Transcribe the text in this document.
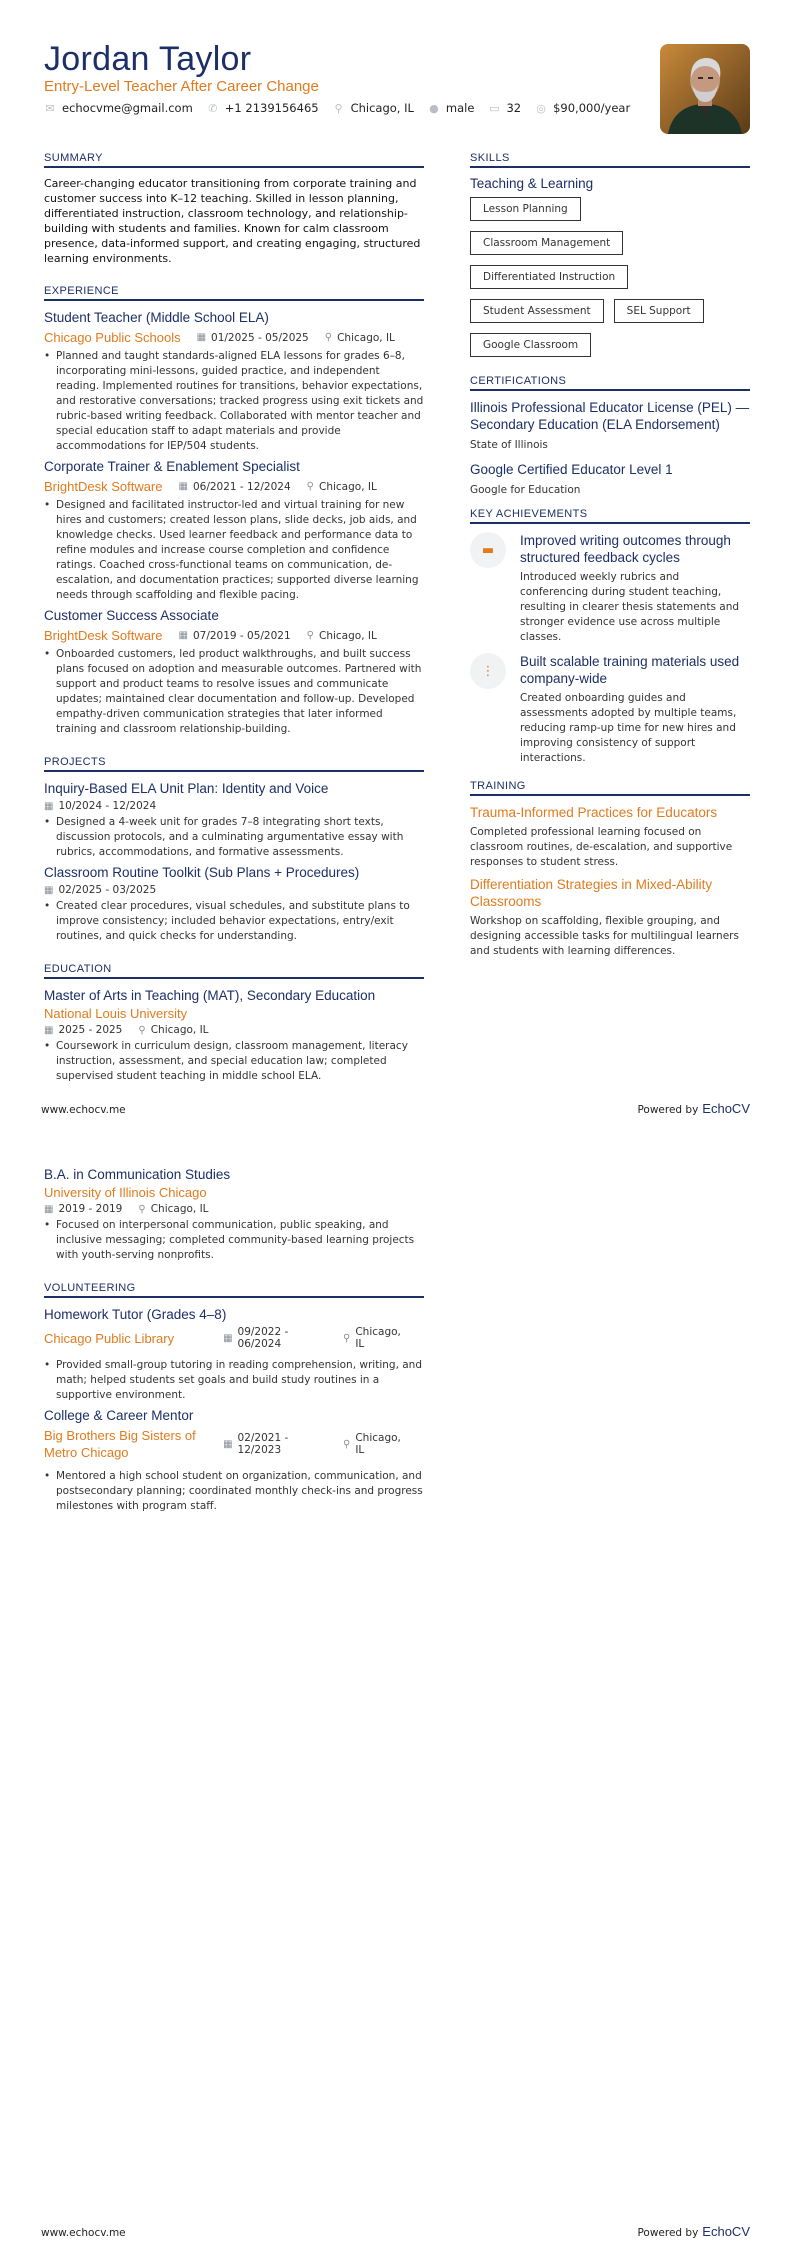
Jordan Taylor
Entry-Level Teacher After Career Change
✉ echocvme@gmail.com ✆ +1 2139156465 ⚲ Chicago, IL ● male ▭ 32 ◎ $90,000/year
SUMMARY
Career-changing educator transitioning from corporate training and customer success into K–12 teaching. Skilled in lesson planning, differentiated instruction, classroom technology, and relationship-building with students and families. Known for calm classroom presence, data-informed support, and creating engaging, structured learning environments.
EXPERIENCE
Student Teacher (Middle School ELA)
Chicago Public Schools ▦ 01/2025 - 05/2025 ⚲ Chicago, IL
• Planned and taught standards-aligned ELA lessons for grades 6–8, incorporating mini-lessons, guided practice, and independent reading. Implemented routines for transitions, behavior expectations, and restorative conversations; tracked progress using exit tickets and rubric-based writing feedback. Collaborated with mentor teacher and special education staff to adapt materials and provide accommodations for IEP/504 students.
Corporate Trainer & Enablement Specialist
BrightDesk Software ▦ 06/2021 - 12/2024 ⚲ Chicago, IL
• Designed and facilitated instructor-led and virtual training for new hires and customers; created lesson plans, slide decks, job aids, and knowledge checks. Used learner feedback and performance data to refine modules and increase course completion and confidence ratings. Coached cross-functional teams on communication, de-escalation, and documentation practices; supported diverse learning needs through scaffolding and flexible pacing.
Customer Success Associate
BrightDesk Software ▦ 07/2019 - 05/2021 ⚲ Chicago, IL
• Onboarded customers, led product walkthroughs, and built success plans focused on adoption and measurable outcomes. Partnered with support and product teams to resolve issues and communicate updates; maintained clear documentation and follow-up. Developed empathy-driven communication strategies that later informed training and classroom relationship-building.
PROJECTS
Inquiry-Based ELA Unit Plan: Identity and Voice
▦ 10/2024 - 12/2024
• Designed a 4-week unit for grades 7–8 integrating short texts, discussion protocols, and a culminating argumentative essay with rubrics, accommodations, and formative assessments.
Classroom Routine Toolkit (Sub Plans + Procedures)
▦ 02/2025 - 03/2025
• Created clear procedures, visual schedules, and substitute plans to improve consistency; included behavior expectations, entry/exit routines, and quick checks for understanding.
EDUCATION
Master of Arts in Teaching (MAT), Secondary Education
National Louis University
▦ 2025 - 2025 ⚲ Chicago, IL
• Coursework in curriculum design, classroom management, literacy instruction, assessment, and special education law; completed supervised student teaching in middle school ELA.
SKILLS
Teaching & Learning
Lesson Planning
Classroom Management
Differentiated Instruction
Student Assessment	SEL Support
Google Classroom
CERTIFICATIONS
Illinois Professional Educator License (PEL) — Secondary Education (ELA Endorsement)
State of Illinois
Google Certified Educator Level 1
Google for Education
KEY ACHIEVEMENTS
▬
Improved writing outcomes through structured feedback cycles
Introduced weekly rubrics and conferencing during student teaching, resulting in clearer thesis statements and stronger evidence use across multiple classes.
⋮
Built scalable training materials used company-wide
Created onboarding guides and assessments adopted by multiple teams, reducing ramp-up time for new hires and improving consistency of support interactions.
TRAINING
Trauma-Informed Practices for Educators
Completed professional learning focused on classroom routines, de-escalation, and supportive responses to student stress.
Differentiation Strategies in Mixed-Ability Classrooms
Workshop on scaffolding, flexible grouping, and designing accessible tasks for multilingual learners and students with learning differences.
www.echocv.me	Powered by EchoCV
B.A. in Communication Studies
University of Illinois Chicago
▦ 2019 - 2019 ⚲ Chicago, IL
• Focused on interpersonal communication, public speaking, and inclusive messaging; completed community-based learning projects with youth-serving nonprofits.
VOLUNTEERING
Homework Tutor (Grades 4–8)
Chicago Public Library	▦ 09/2022 - 06/2024	⚲ Chicago, IL
• Provided small-group tutoring in reading comprehension, writing, and math; helped students set goals and build study routines in a supportive environment.
College & Career Mentor
Big Brothers Big Sisters of Metro Chicago
▦ 02/2021 - 12/2023	⚲ Chicago, IL
• Mentored a high school student on organization, communication, and postsecondary planning; coordinated monthly check-ins and progress milestones with program staff.
www.echocv.me	Powered by EchoCV
